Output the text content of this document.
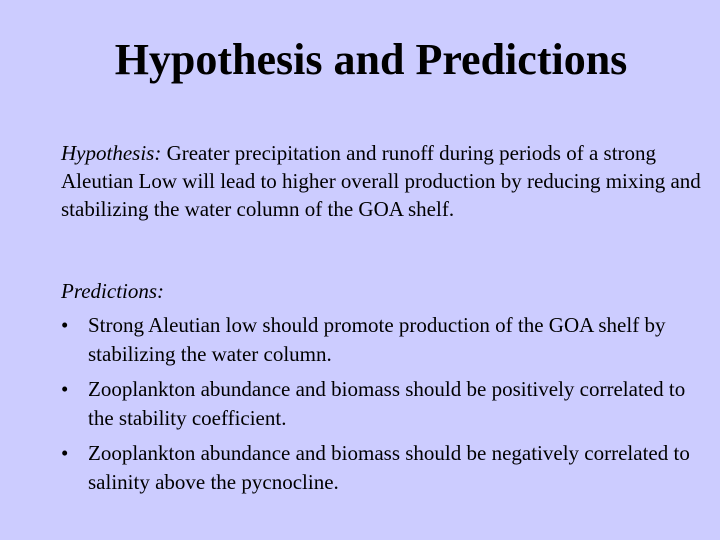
Hypothesis and Predictions
Hypothesis: Greater precipitation and runoff during periods of a strong Aleutian Low will lead to higher overall production by reducing mixing and stabilizing the water column of the GOA shelf.
Predictions:
• Strong Aleutian low should promote production of the GOA shelf by stabilizing the water column.
• Zooplankton abundance and biomass should be positively correlated to the stability coefficient.
• Zooplankton abundance and biomass should be negatively correlated to salinity above the pycnocline.
